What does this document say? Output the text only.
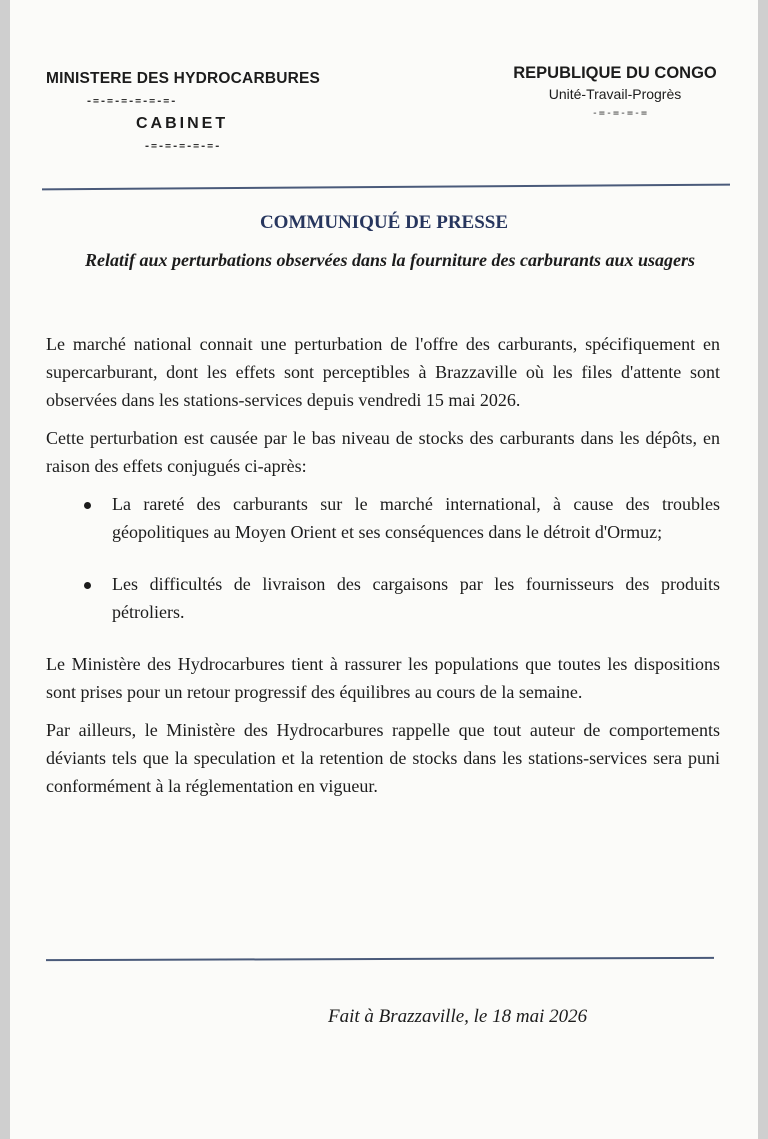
MINISTERE DES HYDROCARBURES
-=-=-=-=-=-=-
CABINET
-=-=-=-=-=-
REPUBLIQUE DU CONGO
Unité-Travail-Progrès
-=-=-=-=
COMMUNIQUÉ DE PRESSE
Relatif aux perturbations observées dans la fourniture des carburants aux usagers

Le marché national connait une perturbation de l'offre des carburants, spécifiquement en supercarburant, dont les effets sont perceptibles à Brazzaville où les files d'attente sont observées dans les stations-services depuis vendredi 15 mai 2026.

Cette perturbation est causée par le bas niveau de stocks des carburants dans les dépôts, en raison des effets conjugués ci-après:

La rareté des carburants sur le marché international, à cause des troubles géopolitiques au Moyen Orient et ses conséquences dans le détroit d'Ormuz;
Les difficultés de livraison des cargaisons par les fournisseurs des produits pétroliers.

Le Ministère des Hydrocarbures tient à rassurer les populations que toutes les dispositions sont prises pour un retour progressif des équilibres au cours de la semaine.

Par ailleurs, le Ministère des Hydrocarbures rappelle que tout auteur de comportements déviants tels que la speculation et la retention de stocks dans les stations-services sera puni conformément à la réglementation en vigueur.

Fait à Brazzaville, le 18 mai 2026
